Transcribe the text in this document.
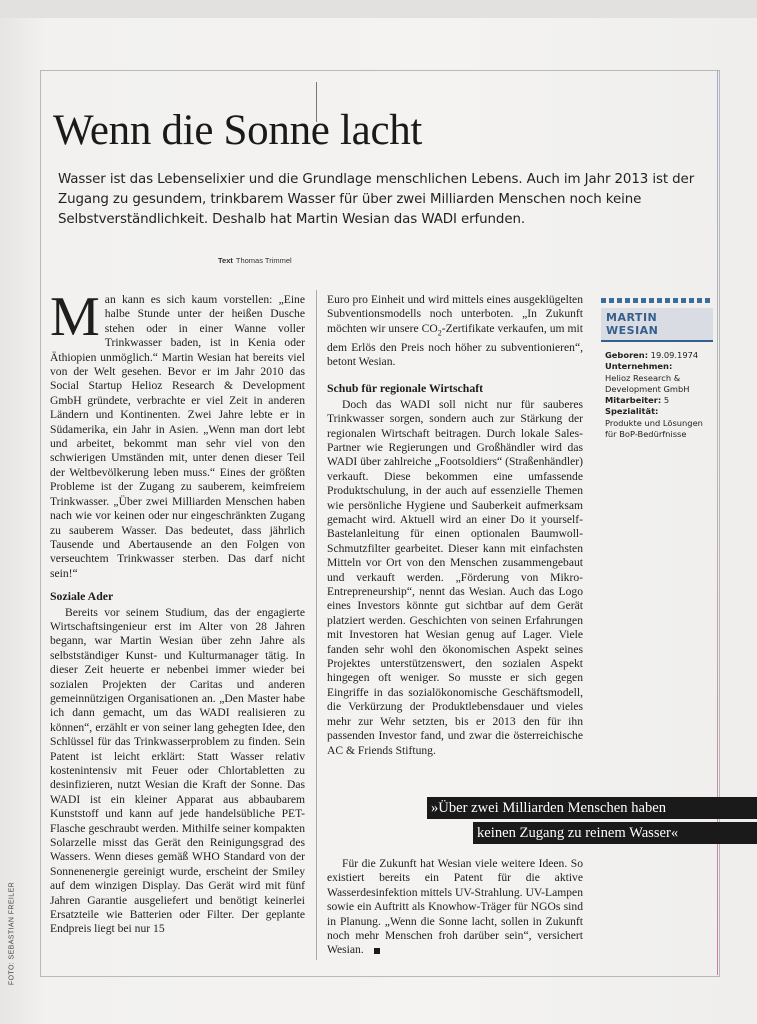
Wenn die Sonne lacht
Wasser ist das Lebenselixier und die Grundlage menschlichen Lebens. Auch im Jahr 2013 ist der Zugang zu gesundem, trinkbarem Wasser für über zwei Milliarden Menschen noch keine Selbstverständlichkeit. Deshalb hat Martin Wesian das WADI erfunden.
Text Thomas Trimmel

Man kann es sich kaum vorstellen: „Eine halbe Stunde unter der heißen Dusche stehen oder in einer Wanne voller Trinkwasser baden, ist in Kenia oder Äthiopien unmöglich.“ Martin Wesian hat bereits viel von der Welt gesehen. Bevor er im Jahr 2010 das Social Startup Helioz Research & Development GmbH gründete, verbrachte er viel Zeit in anderen Ländern und Kontinenten. Zwei Jahre lebte er in Südamerika, ein Jahr in Asien. „Wenn man dort lebt und arbeitet, bekommt man sehr viel von den schwierigen Umständen mit, unter denen dieser Teil der Weltbevölkerung leben muss.“ Eines der größten Probleme ist der Zugang zu sauberem, keimfreiem Trinkwasser. „Über zwei Milliarden Menschen haben nach wie vor keinen oder nur eingeschränkten Zugang zu sauberem Wasser. Das bedeutet, dass jährlich Tausende und Abertausende an den Folgen von verseuchtem Trinkwasser sterben. Das darf nicht sein!“

Soziale Ader

Bereits vor seinem Studium, das der engagierte Wirtschaftsingenieur erst im Alter von 28 Jahren begann, war Martin Wesian über zehn Jahre als selbstständiger Kunst- und Kulturmanager tätig. In dieser Zeit heuerte er nebenbei immer wieder bei sozialen Projekten der Caritas und anderen gemeinnützigen Organisationen an. „Den Master habe ich dann gemacht, um das WADI realisieren zu können“, erzählt er von seiner lang gehegten Idee, den Schlüssel für das Trinkwasserproblem zu finden. Sein Patent ist leicht erklärt: Statt Wasser relativ kostenintensiv mit Feuer oder Chlortabletten zu desinfizieren, nutzt Wesian die Kraft der Sonne. Das WADI ist ein kleiner Apparat aus abbaubarem Kunststoff und kann auf jede handelsübliche PET-Flasche geschraubt werden. Mithilfe seiner kompakten Solarzelle misst das Gerät den Reinigungsgrad des Wassers. Wenn dieses gemäß WHO Standard von der Sonnenenergie gereinigt wurde, erscheint der Smiley auf dem winzigen Display. Das Gerät wird mit fünf Jahren Garantie ausgeliefert und benötigt keinerlei Ersatzteile wie Batterien oder Filter. Der geplante Endpreis liegt bei nur 15

Euro pro Einheit und wird mittels eines ausgeklügelten Subventionsmodells noch unterboten. „In Zukunft möchten wir unsere $CO_2$-Zertifikate verkaufen, um mit dem Erlös den Preis noch höher zu subventionieren“, betont Wesian.

Schub für regionale Wirtschaft

Doch das WADI soll nicht nur für sauberes Trinkwasser sorgen, sondern auch zur Stärkung der regionalen Wirtschaft beitragen. Durch lokale Sales-Partner wie Regierungen und Großhändler wird das WADI über zahlreiche „Footsoldiers“ (Straßenhändler) verkauft. Diese bekommen eine umfassende Produktschulung, in der auch auf essenzielle Themen wie persönliche Hygiene und Sauberkeit aufmerksam gemacht wird. Aktuell wird an einer Do it yourself-Bastelanleitung für einen optionalen Baumwoll-Schmutzfilter gearbeitet. Dieser kann mit einfachsten Mitteln vor Ort von den Menschen zusammengebaut und verkauft werden. „Förderung von Mikro-Entrepreneurship“, nennt das Wesian. Auch das Logo eines Investors könnte gut sichtbar auf dem Gerät platziert werden. Geschichten von seinen Erfahrungen mit Investoren hat Wesian genug auf Lager. Viele fanden sehr wohl den ökonomischen Aspekt seines Projektes unterstützenswert, den sozialen Aspekt hingegen oft weniger. So musste er sich gegen Eingriffe in das sozialökonomische Geschäftsmodell, die Verkürzung der Produktlebensdauer und vieles mehr zur Wehr setzten, bis er 2013 den für ihn passenden Investor fand, und zwar die österreichische AC & Friends Stiftung.

Für die Zukunft hat Wesian viele weitere Ideen. So existiert bereits ein Patent für die aktive Wasserdesinfektion mittels UV-Strahlung. UV-Lampen sowie ein Auftritt als Knowhow-Träger für NGOs sind in Planung. „Wenn die Sonne lacht, sollen in Zukunft noch mehr Menschen froh darüber sein“, versichert Wesian.

MARTIN WESIAN
Geboren: 19.09.1974
Unternehmen:
Helioz Research & Development GmbH
Mitarbeiter: 5
Spezialität:
Produkte und Lösungen für BoP-Bedürfnisse
»Über zwei Milliarden Menschen haben
keinen Zugang zu reinem Wasser«
FOTO: SEBASTIAN FREILER
